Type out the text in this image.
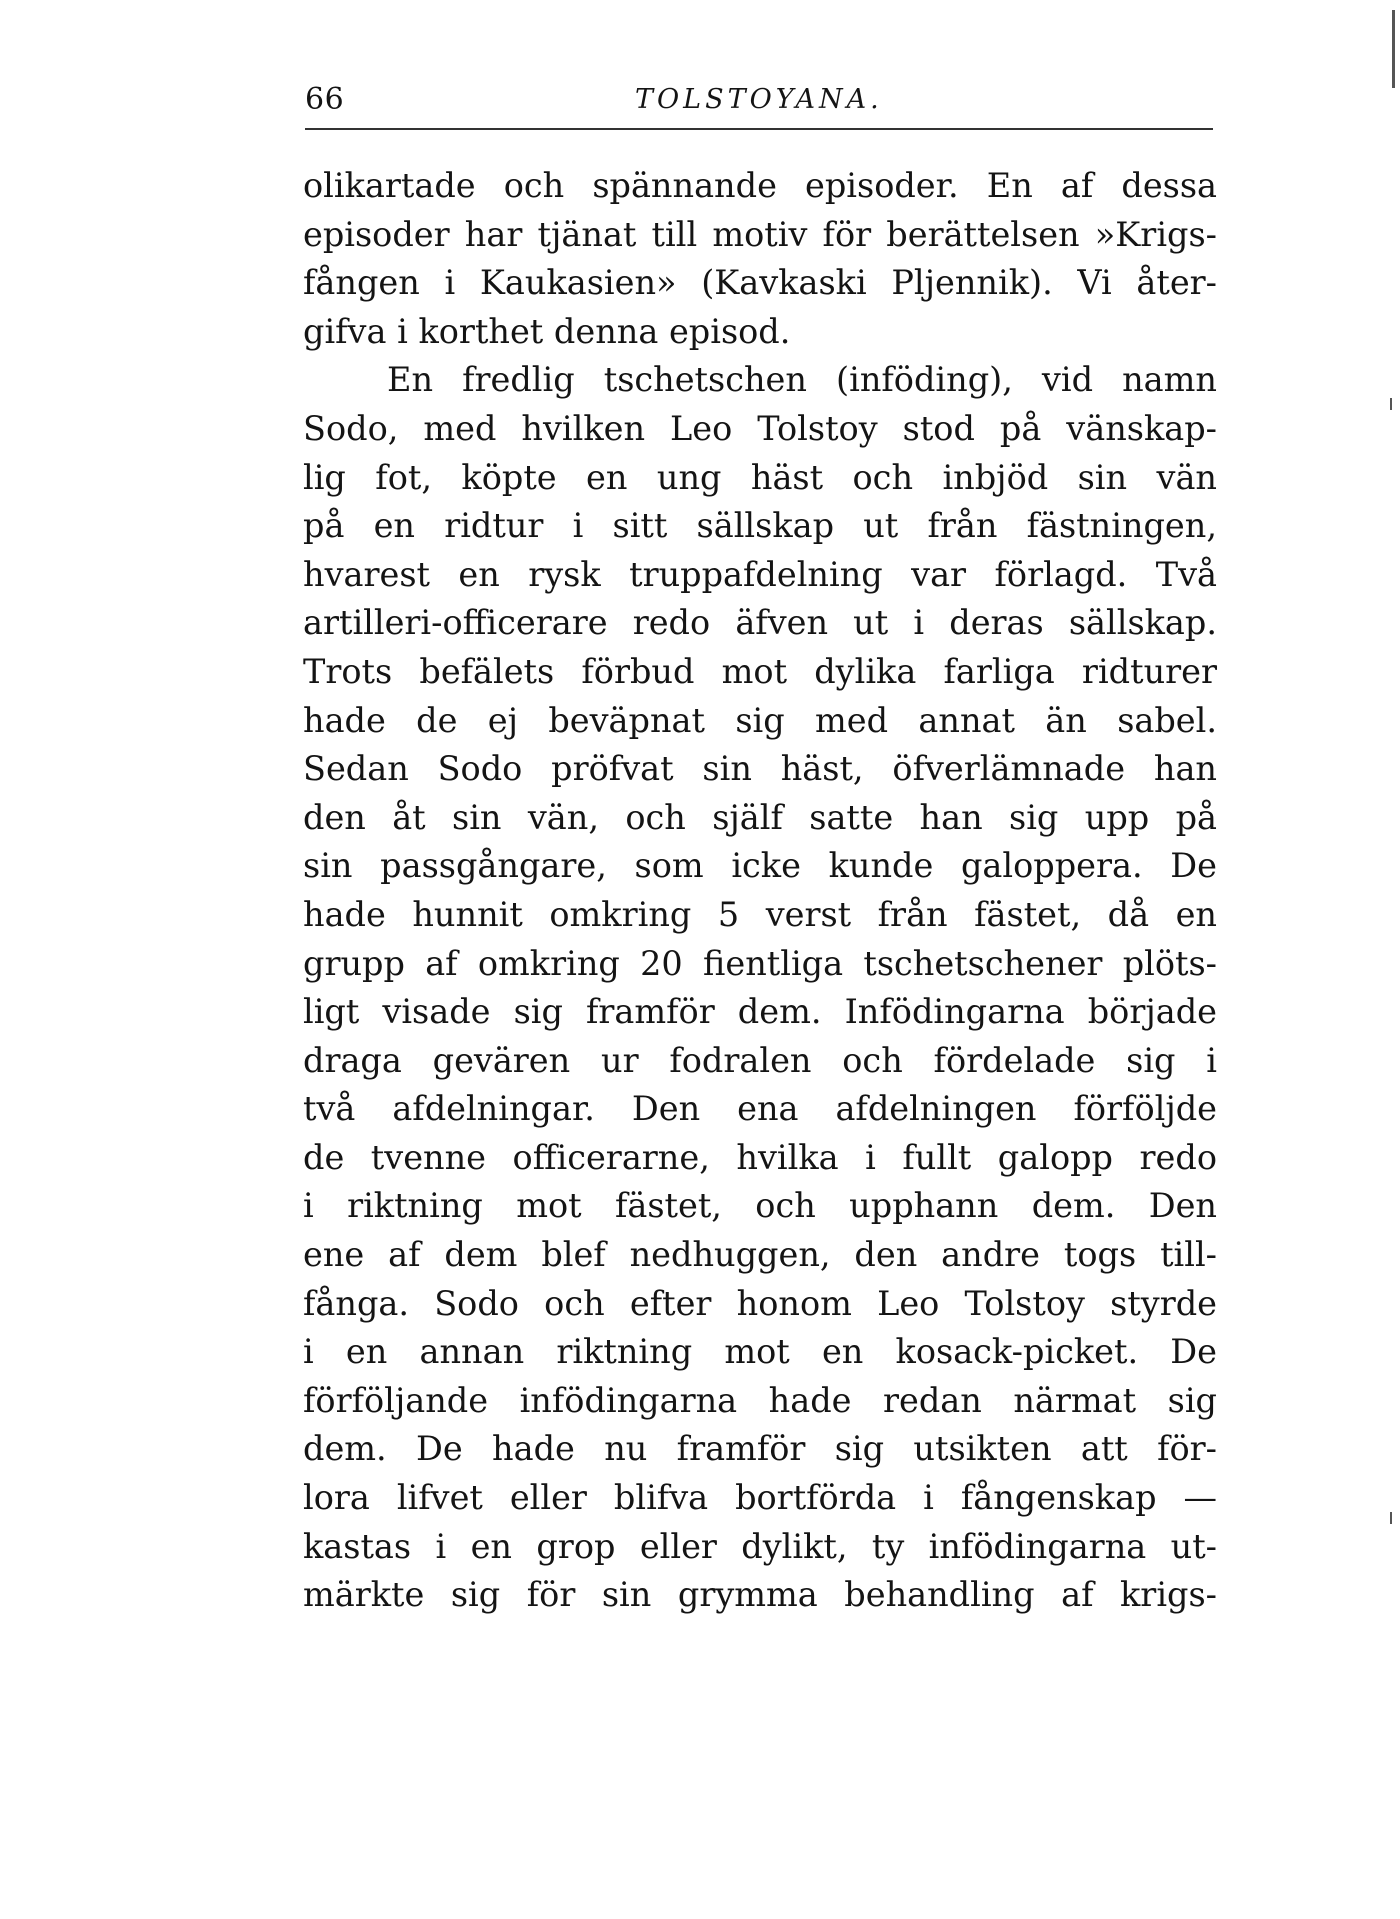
66	TOLSTOYANA.
olikartade och spännande episoder. En af dessa
episoder har tjänat till motiv för berättelsen »Krigs-
fången i Kaukasien» (Kavkaski Pljennik). Vi åter-
gifva i korthet denna episod.
En fredlig tschetschen (inföding), vid namn
Sodo, med hvilken Leo Tolstoy stod på vänskap-
lig fot, köpte en ung häst och inbjöd sin vän
på en ridtur i sitt sällskap ut från fästningen,
hvarest en rysk truppafdelning var förlagd. Två
artilleri-officerare redo äfven ut i deras sällskap.
Trots befälets förbud mot dylika farliga ridturer
hade de ej beväpnat sig med annat än sabel.
Sedan Sodo pröfvat sin häst, öfverlämnade han
den åt sin vän, och själf satte han sig upp på
sin passgångare, som icke kunde galoppera. De
hade hunnit omkring 5 verst från fästet, då en
grupp af omkring 20 fientliga tschetschener plöts-
ligt visade sig framför dem. Infödingarna började
draga gevären ur fodralen och fördelade sig i
två afdelningar. Den ena afdelningen förföljde
de tvenne officerarne, hvilka i fullt galopp redo
i riktning mot fästet, och upphann dem. Den
ene af dem blef nedhuggen, den andre togs till-
fånga. Sodo och efter honom Leo Tolstoy styrde
i en annan riktning mot en kosack-picket. De
förföljande infödingarna hade redan närmat sig
dem. De hade nu framför sig utsikten att för-
lora lifvet eller blifva bortförda i fångenskap —
kastas i en grop eller dylikt, ty infödingarna ut-
märkte sig för sin grymma behandling af krigs-
